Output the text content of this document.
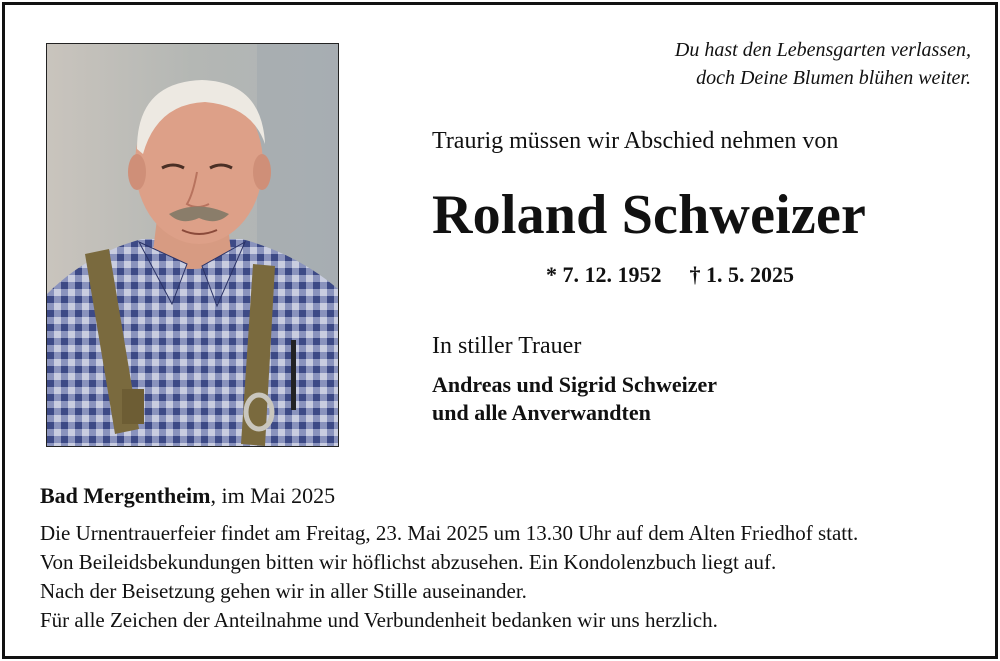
Du hast den Lebensgarten verlassen,
doch Deine Blumen blühen weiter.
Traurig müssen wir Abschied nehmen von
Roland Schweizer
* 7. 12. 1952 † 1. 5. 2025
In stiller Trauer
Andreas und Sigrid Schweizer
und alle Anverwandten
Bad Mergentheim, im Mai 2025
Die Urnentrauerfeier findet am Freitag, 23. Mai 2025 um 13.30 Uhr auf dem Alten Friedhof statt.
Von Beileidsbekundungen bitten wir höflichst abzusehen. Ein Kondolenzbuch liegt auf.
Nach der Beisetzung gehen wir in aller Stille auseinander.
Für alle Zeichen der Anteilnahme und Verbundenheit bedanken wir uns herzlich.
